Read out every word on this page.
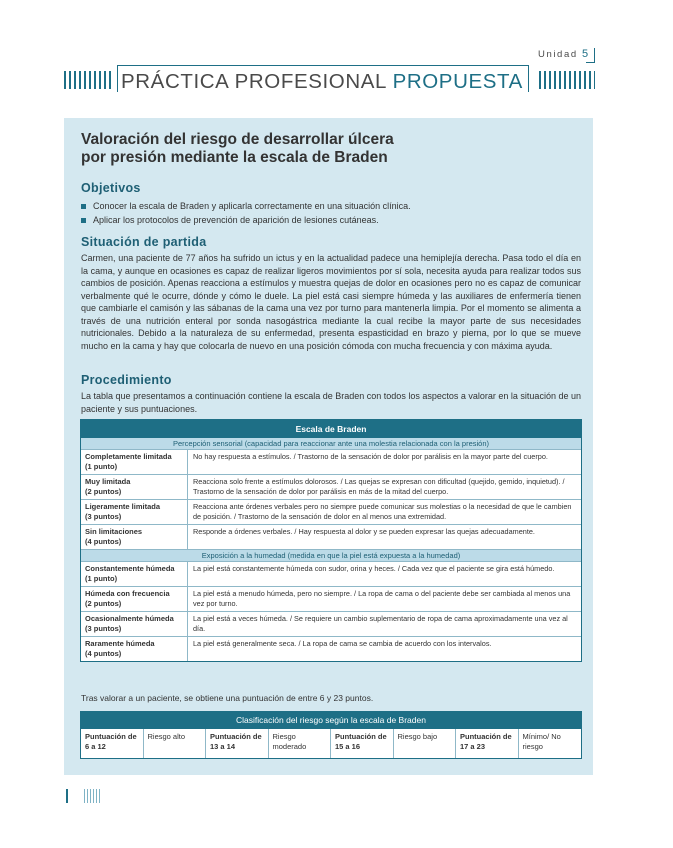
Unidad 5
PRÁCTICA PROFESIONAL PROPUESTA
Valoración del riesgo de desarrollar úlcera
por presión mediante la escala de Braden
Objetivos
Conocer la escala de Braden y aplicarla correctamente en una situación clínica.
Aplicar los protocolos de prevención de aparición de lesiones cutáneas.
Situación de partida
Carmen, una paciente de 77 años ha sufrido un ictus y en la actualidad padece una hemiplejía derecha. Pasa todo el día en la cama, y aunque en ocasiones es capaz de realizar ligeros movimientos por sí sola, necesita ayuda para realizar todos sus cambios de posición. Apenas reacciona a estímulos y muestra quejas de dolor en ocasiones pero no es capaz de comunicar verbalmente qué le ocurre, dónde y cómo le duele. La piel está casi siempre húmeda y las auxiliares de enfermería tienen que cambiarle el camisón y las sábanas de la cama una vez por turno para mantenerla limpia. Por el momento se alimenta a través de una nutrición enteral por sonda nasogástrica mediante la cual recibe la mayor parte de sus necesidades nutricionales. Debido a la naturaleza de su enfermedad, presenta espasticidad en brazo y pierna, por lo que se mueve mucho en la cama y hay que colocarla de nuevo en una posición cómoda con mucha frecuencia y con máxima ayuda.
Procedimiento
La tabla que presentamos a continuación contiene la escala de Braden con todos los aspectos a valorar en la situación de un paciente y sus puntuaciones.
Escala de Braden
Percepción sensorial (capacidad para reaccionar ante una molestia relacionada con la presión)
Completamente limitada
(1 punto)
No hay respuesta a estímulos. / Trastorno de la sensación de dolor por parálisis en la mayor parte del cuerpo.
Muy limitada
(2 puntos)
Reacciona solo frente a estímulos dolorosos. / Las quejas se expresan con dificultad (quejido, gemido, inquietud). / Trastorno de la sensación de dolor por parálisis en más de la mitad del cuerpo.
Ligeramente limitada
(3 puntos)
Reacciona ante órdenes verbales pero no siempre puede comunicar sus molestias o la necesidad de que le cambien de posición. / Trastorno de la sensación de dolor en al menos una extremidad.
Sin limitaciones
(4 puntos)
Responde a órdenes verbales. / Hay respuesta al dolor y se pueden expresar las quejas adecuadamente.
Exposición a la humedad (medida en que la piel está expuesta a la humedad)
Constantemente húmeda
(1 punto)
La piel está constantemente húmeda con sudor, orina y heces. / Cada vez que el paciente se gira está húmedo.
Húmeda con frecuencia
(2 puntos)
La piel está a menudo húmeda, pero no siempre. / La ropa de cama o del paciente debe ser cambiada al menos una vez por turno.
Ocasionalmente húmeda
(3 puntos)
La piel está a veces húmeda. / Se requiere un cambio suplementario de ropa de cama aproximadamente una vez al día.
Raramente húmeda
(4 puntos)
La piel está generalmente seca. / La ropa de cama se cambia de acuerdo con los intervalos.
Tras valorar a un paciente, se obtiene una puntuación de entre 6 y 23 puntos.
Clasificación del riesgo según la escala de Braden
Puntuación de 6 a 12
Riesgo alto	Puntuación de 13 a 14
Riesgo moderado
Puntuación de 15 a 16
Riesgo bajo	Puntuación de 17 a 23
Mínimo/ No riesgo
